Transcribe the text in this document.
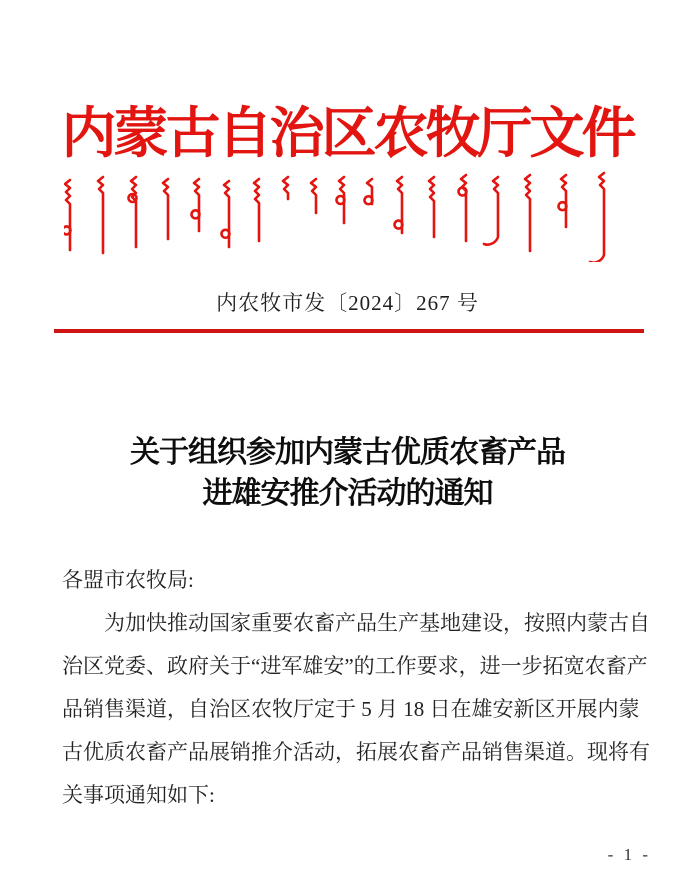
内蒙古自治区农牧厅文件
内农牧市发〔2024〕267 号
关于组织参加内蒙古优质农畜产品
进雄安推介活动的通知
各盟市农牧局:
为加快推动国家重要农畜产品生产基地建设，按照内蒙古自
治区党委、政府关于“进军雄安”的工作要求，进一步拓宽农畜产
品销售渠道，自治区农牧厅定于 5 月 18 日在雄安新区开展内蒙
古优质农畜产品展销推介活动，拓展农畜产品销售渠道。现将有
关事项通知如下:
- 1 -
